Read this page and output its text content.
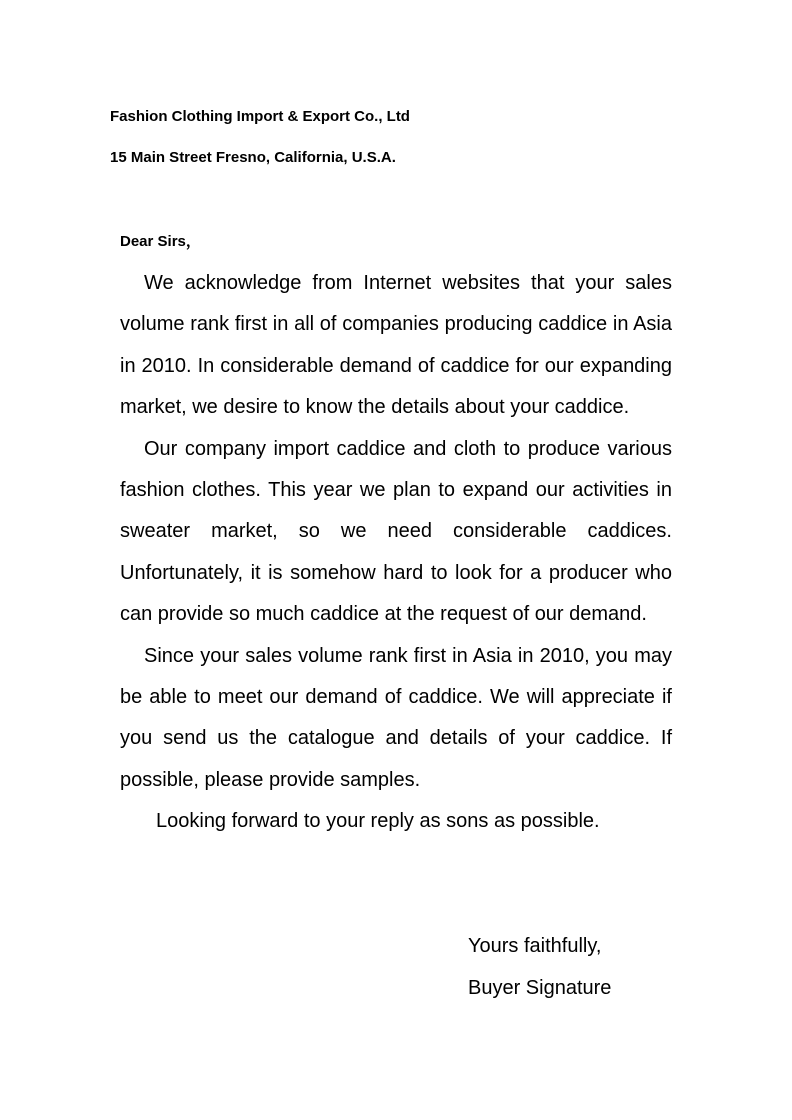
Fashion Clothing Import & Export Co., Ltd
15 Main Street Fresno, California, U.S.A.
Dear Sirs，

We acknowledge from Internet websites that your sales volume rank first in all of companies producing caddice in Asia in 2010. In considerable demand of caddice for our expanding market, we desire to know the details about your caddice.

Our company import caddice and cloth to produce various fashion clothes. This year we plan to expand our activities in sweater market, so we need considerable caddices. Unfortunately, it is somehow hard to look for a producer who can provide so much caddice at the request of our demand.

Since your sales volume rank first in Asia in 2010, you may be able to meet our demand of caddice. We will appreciate if you send us the catalogue and details of your caddice. If possible, please provide samples.

Looking forward to your reply as sons as possible.

Yours faithfully,
Buyer Signature
